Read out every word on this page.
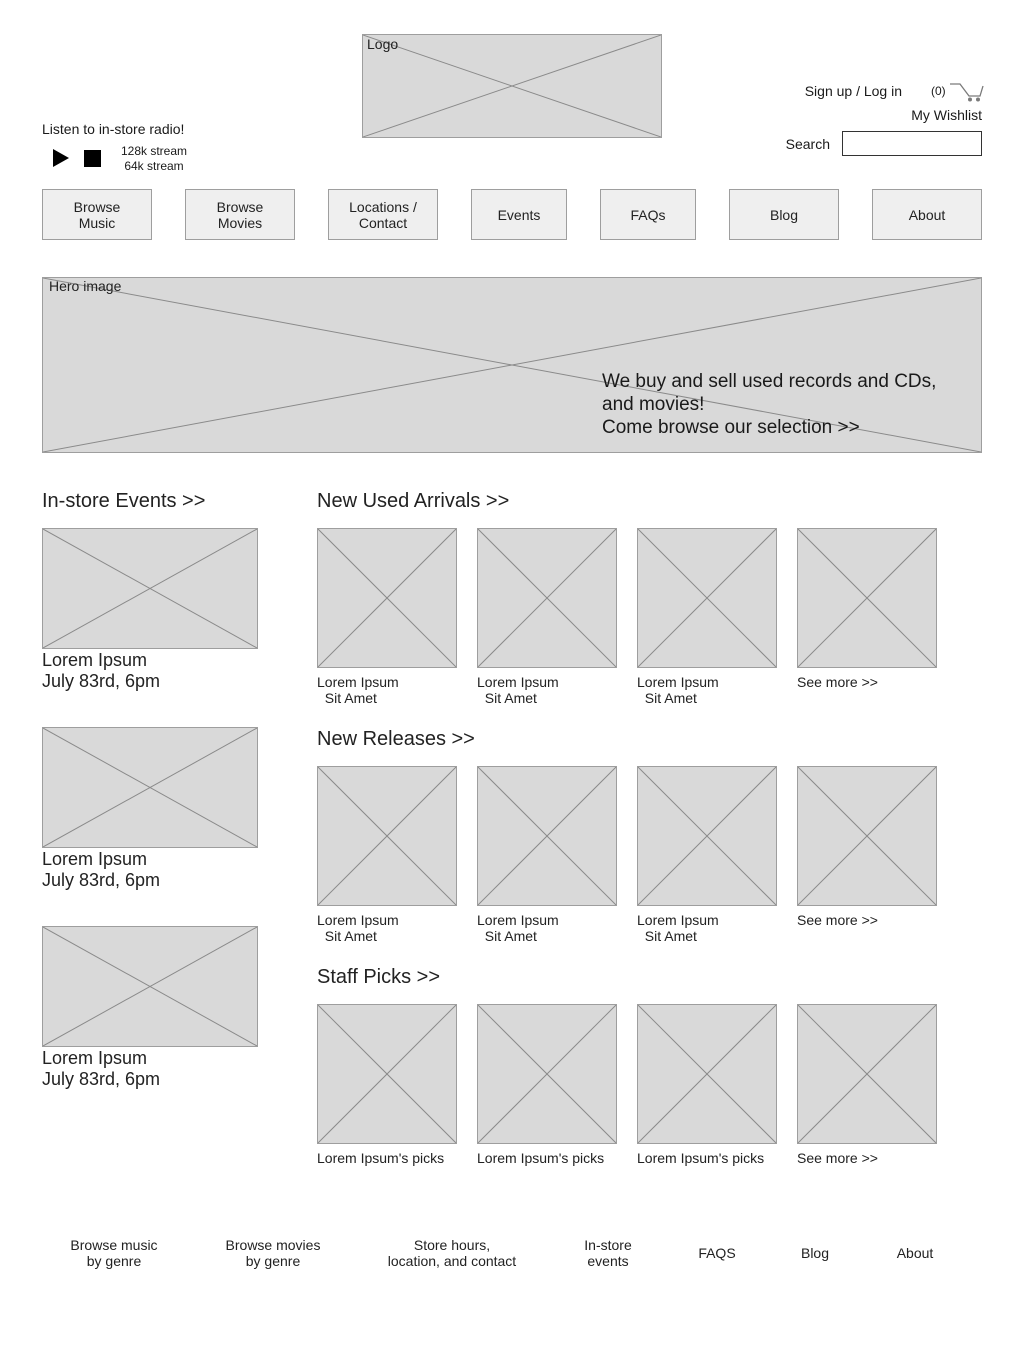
Logo
Listen to in-store radio!
128k stream
64k stream
Sign up / Log in (0)
My Wishlist
Search
Browse
Music
Browse
Movies
Locations /
Contact	Events	FAQs	Blog	About
Hero image
We buy and sell used records and CDs,
and movies!
Come browse our selection >>
In-store Events >>
Lorem Ipsum
July 83rd, 6pm
Lorem Ipsum
July 83rd, 6pm
Lorem Ipsum
July 83rd, 6pm
New Used Arrivals >>
Lorem Ipsum
Sit Amet
Lorem Ipsum
Sit Amet
Lorem Ipsum
Sit Amet
See more >>
New Releases >>
Lorem Ipsum
Sit Amet
Lorem Ipsum
Sit Amet
Lorem Ipsum
Sit Amet
See more >>
Staff Picks >>
Lorem Ipsum's picks Lorem Ipsum's picks Lorem Ipsum's picks See more >>
Browse music
by genre
Browse movies
by genre
Store hours,
location, and contact
In-store
events	FAQS	Blog	About
